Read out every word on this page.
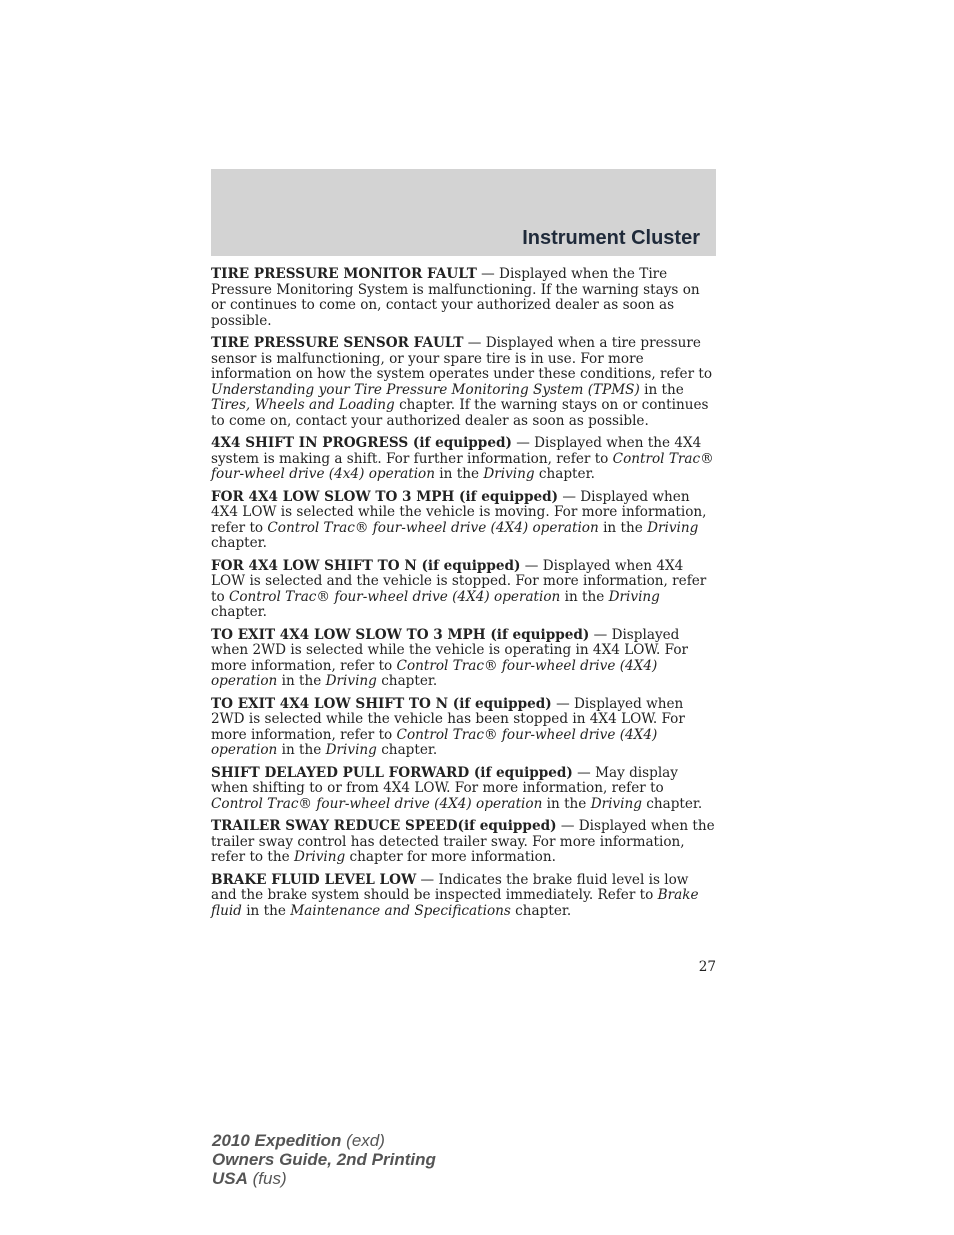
Instrument Cluster

TIRE PRESSURE MONITOR FAULT — Displayed when the Tire Pressure Monitoring System is malfunctioning. If the warning stays on or continues to come on, contact your authorized dealer as soon as possible.

TIRE PRESSURE SENSOR FAULT — Displayed when a tire pressure sensor is malfunctioning, or your spare tire is in use. For more information on how the system operates under these conditions, refer to Understanding your Tire Pressure Monitoring System (TPMS) in the Tires, Wheels and Loading chapter. If the warning stays on or continues to come on, contact your authorized dealer as soon as possible.

4X4 SHIFT IN PROGRESS (if equipped) — Displayed when the 4X4 system is making a shift. For further information, refer to Control Trac® four-wheel drive (4x4) operation in the Driving chapter.

FOR 4X4 LOW SLOW TO 3 MPH (if equipped) — Displayed when 4X4 LOW is selected while the vehicle is moving. For more information, refer to Control Trac® four-wheel drive (4X4) operation in the Driving chapter.

FOR 4X4 LOW SHIFT TO N (if equipped) — Displayed when 4X4 LOW is selected and the vehicle is stopped. For more information, refer to Control Trac® four-wheel drive (4X4) operation in the Driving chapter.

TO EXIT 4X4 LOW SLOW TO 3 MPH (if equipped) — Displayed when 2WD is selected while the vehicle is operating in 4X4 LOW. For more information, refer to Control Trac® four-wheel drive (4X4) operation in the Driving chapter.

TO EXIT 4X4 LOW SHIFT TO N (if equipped) — Displayed when 2WD is selected while the vehicle has been stopped in 4X4 LOW. For more information, refer to Control Trac® four-wheel drive (4X4) operation in the Driving chapter.

SHIFT DELAYED PULL FORWARD (if equipped) — May display when shifting to or from 4X4 LOW. For more information, refer to Control Trac® four-wheel drive (4X4) operation in the Driving chapter.

TRAILER SWAY REDUCE SPEED(if equipped) — Displayed when the trailer sway control has detected trailer sway. For more information, refer to the Driving chapter for more information.

BRAKE FLUID LEVEL LOW — Indicates the brake fluid level is low and the brake system should be inspected immediately. Refer to Brake fluid in the Maintenance and Specifications chapter.

27
2010 Expedition (exd)
Owners Guide, 2nd Printing
USA (fus)
